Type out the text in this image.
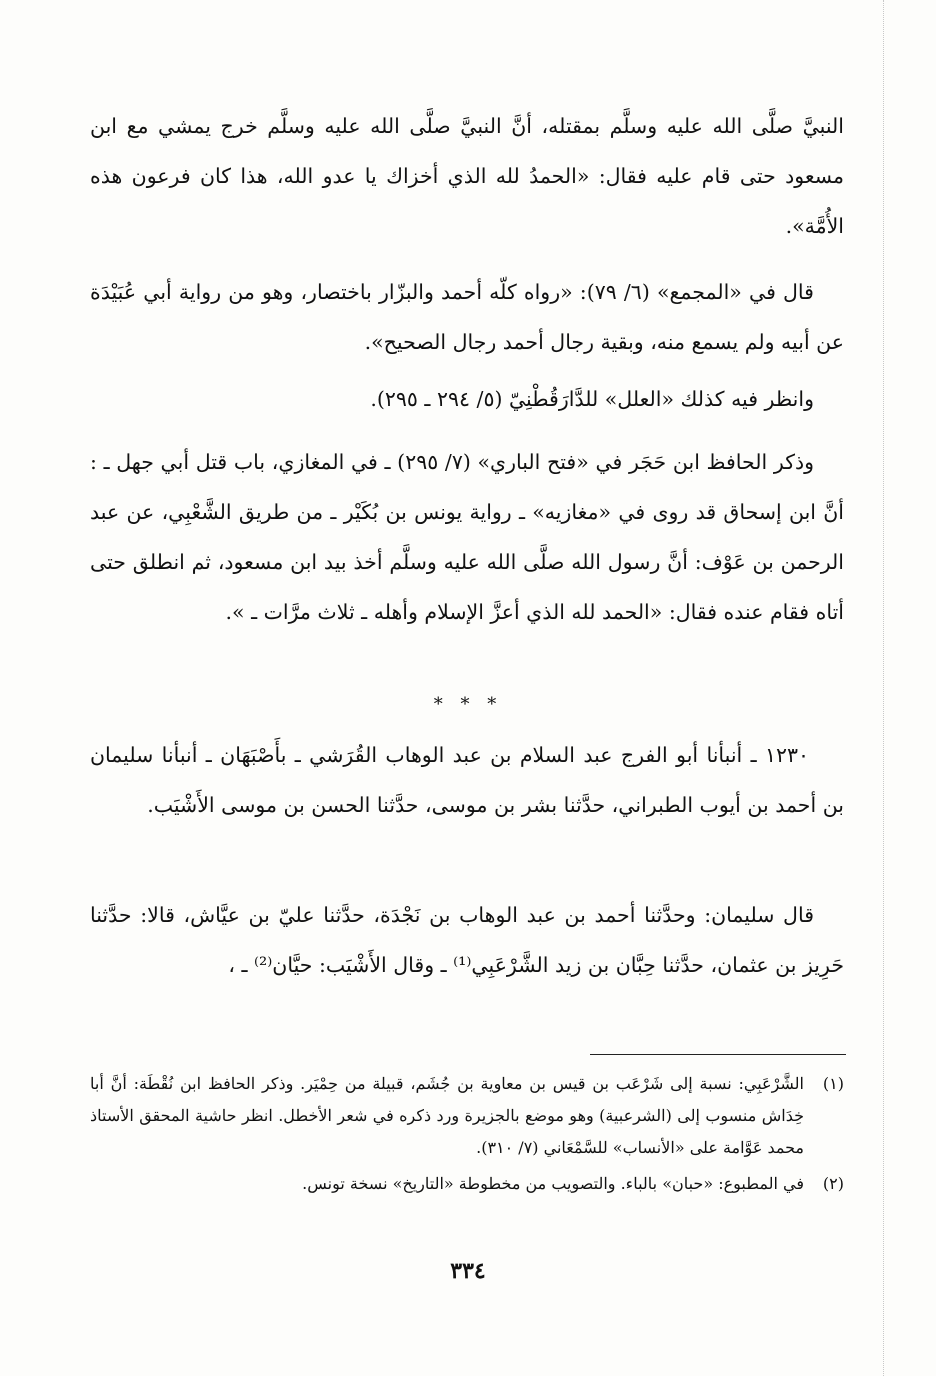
النبيَّ صلَّى الله عليه وسلَّم بمقتله، أنَّ النبيَّ صلَّى الله عليه وسلَّم خرج يمشي مع ابن مسعود حتى قام عليه فقال: «الحمدُ لله الذي أخزاك يا عدو الله، هذا كان فرعون هذه الأُمَّة».

قال في «المجمع» (٦/ ٧٩): «رواه كلّه أحمد والبزّار باختصار، وهو من رواية أبي عُبَيْدَة عن أبيه ولم يسمع منه، وبقية رجال أحمد رجال الصحيح».

وانظر فيه كذلك «العلل» للدَّارَقُطْنِيّ (٥/ ٢٩٤ ـ ٢٩٥).

وذكر الحافظ ابن حَجَر في «فتح الباري» (٧/ ٢٩٥) ـ في المغازي، باب قتل أبي جهل ـ : أنَّ ابن إسحاق قد روى في «مغازيه» ـ رواية يونس بن بُكَيْر ـ من طريق الشَّعْبِي، عن عبد الرحمن بن عَوْف: أنَّ رسول الله صلَّى الله عليه وسلَّم أخذ بيد ابن مسعود، ثم انطلق حتى أتاه فقام عنده فقال: «الحمد لله الذي أعزَّ الإسلام وأهله ـ ثلاث مرَّات ـ ».

* * *

١٢٣٠ ـ أنبأنا أبو الفرج عبد السلام بن عبد الوهاب القُرَشي ـ بأَصْبَهَان ـ أنبأنا سليمان بن أحمد بن أيوب الطبراني، حدَّثنا بشر بن موسى، حدَّثنا الحسن بن موسى الأَشْيَب.

قال سليمان: وحدَّثنا أحمد بن عبد الوهاب بن نَجْدَة، حدَّثنا عليّ بن عيَّاش، قالا: حدَّثنا حَرِيز بن عثمان، حدَّثنا حِبَّان بن زيد الشَّرْعَبِي⁽¹⁾ ـ وقال الأَشْيَب: حيَّان⁽²⁾ ـ ،

(١)
الشَّرْعَبِي: نسبة إلى شَرْعَب بن قيس بن معاوية بن جُشَم، قبيلة من حِمْيَر. وذكر الحافظ ابن نُقْطَة: أنَّ أبا خِدَاش منسوب إلى (الشرعبية) وهو موضع بالجزيرة ورد ذكره في شعر الأخطل. انظر حاشية المحقق الأستاذ محمد عَوَّامة على «الأنساب» للسَّمْعَاني (٧/ ٣١٠).
(٢)
في المطبوع: «حبان» بالباء. والتصويب من مخطوطة «التاريخ» نسخة تونس.
٣٣٤
